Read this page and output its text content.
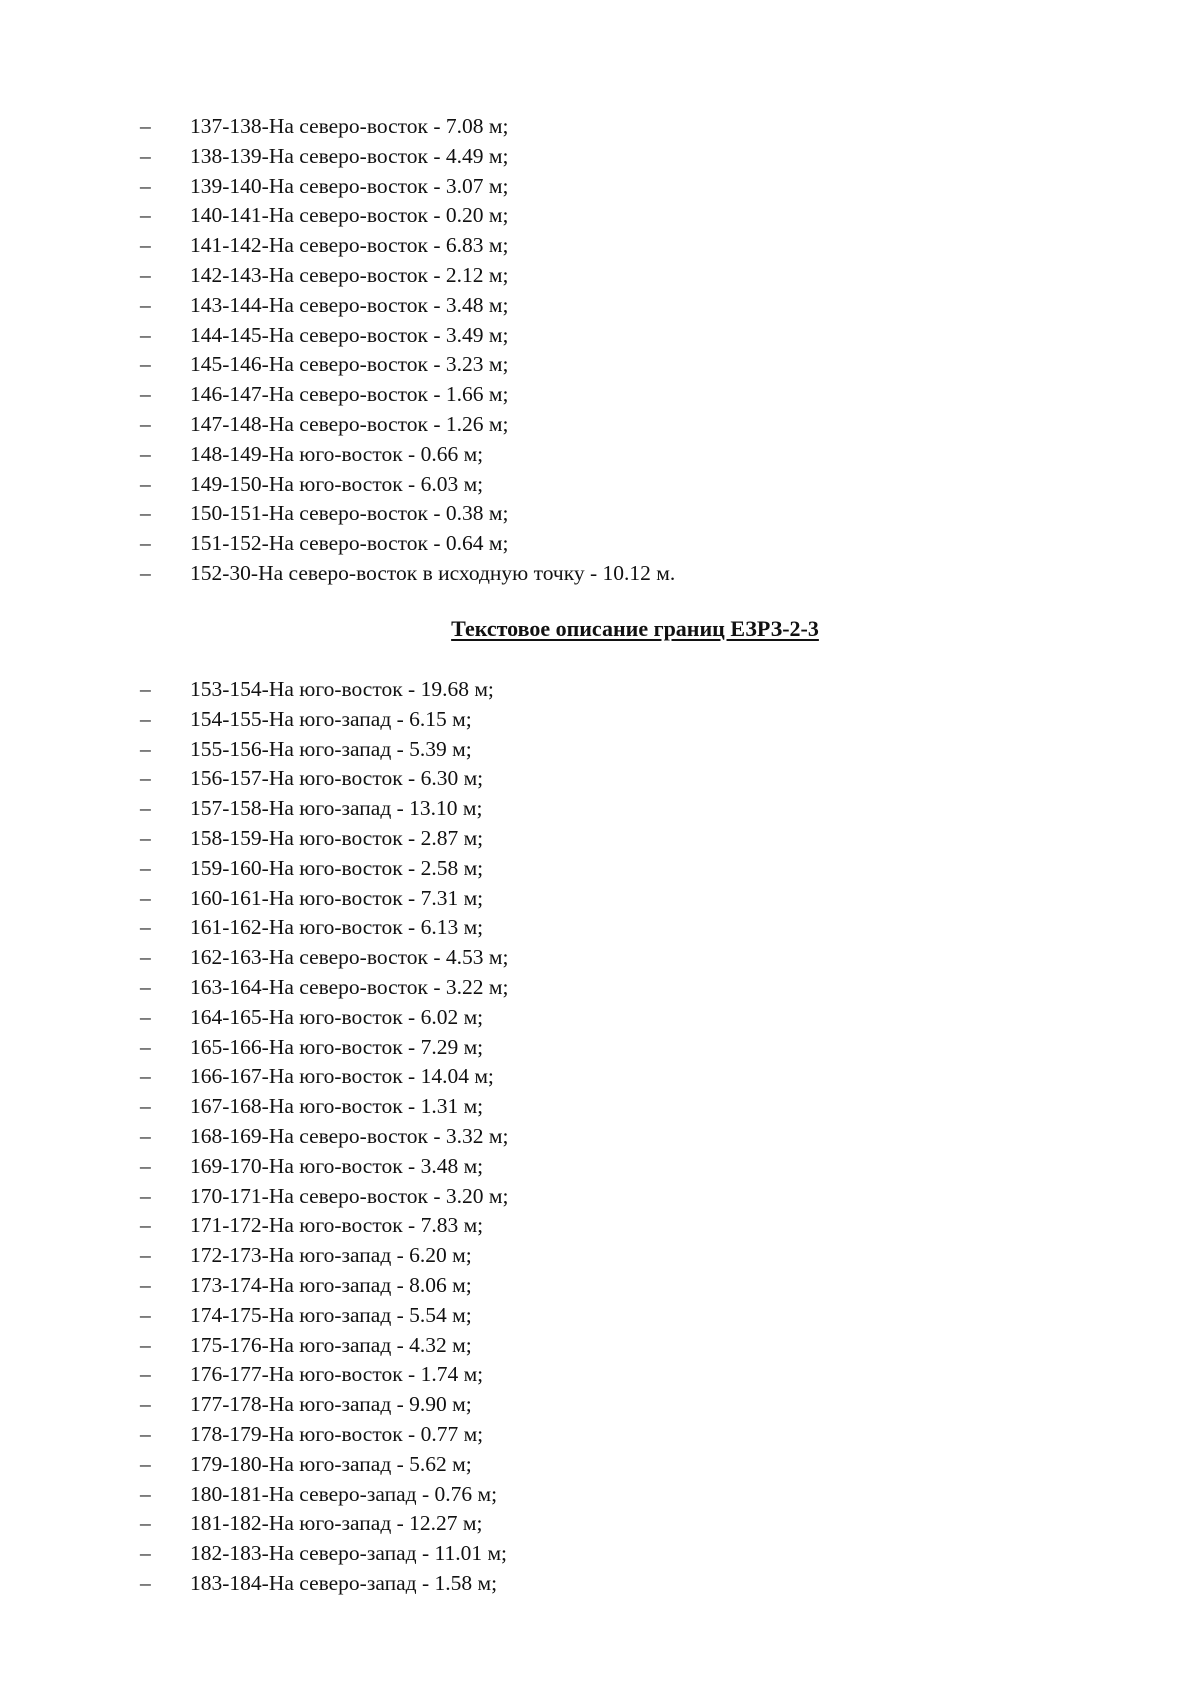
–	137-138-На северо-восток - 7.08 м;
–	138-139-На северо-восток - 4.49 м;
–	139-140-На северо-восток - 3.07 м;
–	140-141-На северо-восток - 0.20 м;
–	141-142-На северо-восток - 6.83 м;
–	142-143-На северо-восток - 2.12 м;
–	143-144-На северо-восток - 3.48 м;
–	144-145-На северо-восток - 3.49 м;
–	145-146-На северо-восток - 3.23 м;
–	146-147-На северо-восток - 1.66 м;
–	147-148-На северо-восток - 1.26 м;
–	148-149-На юго-восток - 0.66 м;
–	149-150-На юго-восток - 6.03 м;
–	150-151-На северо-восток - 0.38 м;
–	151-152-На северо-восток - 0.64 м;
–	152-30-На северо-восток в исходную точку - 10.12 м.
Текстовое описание границ ЕЗРЗ-2-3
–	153-154-На юго-восток - 19.68 м;
–	154-155-На юго-запад - 6.15 м;
–	155-156-На юго-запад - 5.39 м;
–	156-157-На юго-восток - 6.30 м;
–	157-158-На юго-запад - 13.10 м;
–	158-159-На юго-восток - 2.87 м;
–	159-160-На юго-восток - 2.58 м;
–	160-161-На юго-восток - 7.31 м;
–	161-162-На юго-восток - 6.13 м;
–	162-163-На северо-восток - 4.53 м;
–	163-164-На северо-восток - 3.22 м;
–	164-165-На юго-восток - 6.02 м;
–	165-166-На юго-восток - 7.29 м;
–	166-167-На юго-восток - 14.04 м;
–	167-168-На юго-восток - 1.31 м;
–	168-169-На северо-восток - 3.32 м;
–	169-170-На юго-восток - 3.48 м;
–	170-171-На северо-восток - 3.20 м;
–	171-172-На юго-восток - 7.83 м;
–	172-173-На юго-запад - 6.20 м;
–	173-174-На юго-запад - 8.06 м;
–	174-175-На юго-запад - 5.54 м;
–	175-176-На юго-запад - 4.32 м;
–	176-177-На юго-восток - 1.74 м;
–	177-178-На юго-запад - 9.90 м;
–	178-179-На юго-восток - 0.77 м;
–	179-180-На юго-запад - 5.62 м;
–	180-181-На северо-запад - 0.76 м;
–	181-182-На юго-запад - 12.27 м;
–	182-183-На северо-запад - 11.01 м;
–	183-184-На северо-запад - 1.58 м;
